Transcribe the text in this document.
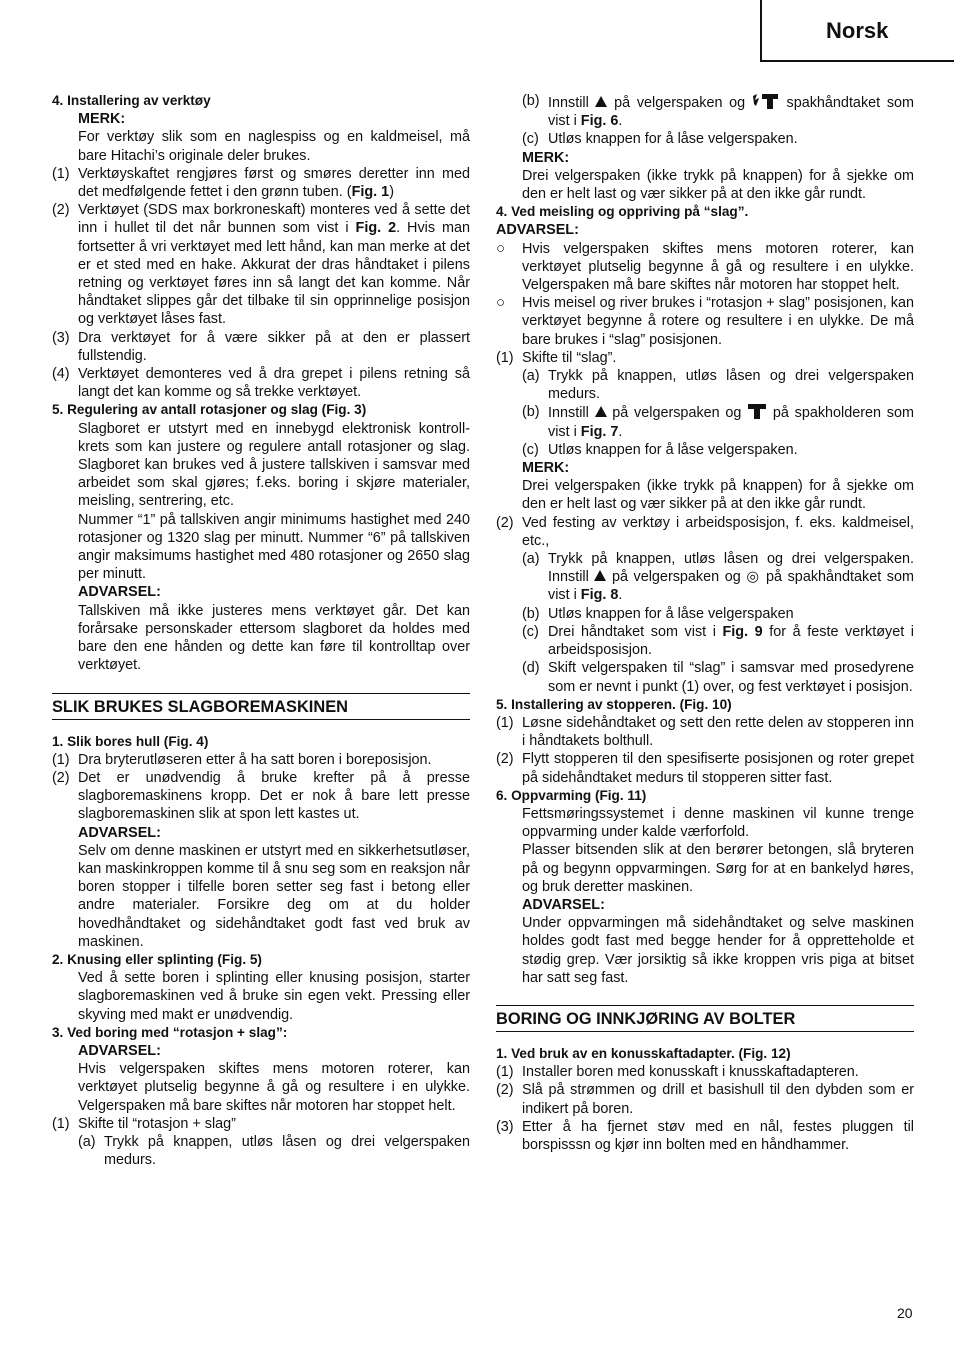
Norsk

4. Installering av verktøy

MERK:

For verktøy slik som en naglespiss og en kaldmeisel, må bare Hitachi’s originale deler brukes.

(1) Verktøyskaftet rengjøres først og smøres deretter inn med det medfølgende fettet i den grønn tuben. (Fig. 1)

(2) Verktøyet (SDS max borkroneskaft) monteres ved å sette det inn i hullet til det når bunnen som vist i Fig. 2. Hvis man fortsetter å vri verktøyet med lett hånd, kan man merke at det er et sted med en hake. Akkurat der dras håndtaket i pilens retning og verktøyet føres inn så langt det kan komme. Når håndtaket slippes går det tilbake til sin opprinnelige posisjon og verktøyet låses fast.

(3) Dra verktøyet for å være sikker på at den er plassert fullstendig.

(4) Verktøyet demonteres ved å dra grepet i pilens retning så langt det kan komme og så trekke verktøyet.

5. Regulering av antall rotasjoner og slag (Fig. 3)

Slagboret er utstyrt med en innebygd elektronisk kontroll-krets som kan justere og regulere antall rotasjoner og slag. Slagboret kan brukes ved å justere tallskiven i samsvar med arbeidet som skal gjøres; f.eks. boring i skjøre materialer, meisling, sentrering, etc.

Nummer “1” på tallskiven angir minimums hastighet med 240 rotasjoner og 1320 slag per minutt. Nummer “6” på tallskiven angir maksimums hastighet med 480 rotasjoner og 2650 slag per minutt.

ADVARSEL:

Tallskiven må ikke justeres mens verktøyet går. Det kan forårsake personskader ettersom slagboret da holdes med bare den ene hånden og dette kan føre til kontrolltap over verktøyet.

SLIK BRUKES SLAGBOREMASKINEN

1. Slik bores hull (Fig. 4)

(1) Dra bryterutløseren etter å ha satt boren i boreposisjon.

(2) Det er unødvendig å bruke krefter på å presse slagboremaskinens kropp. Det er nok å bare lett presse slagboremaskinen slik at spon lett kastes ut.

ADVARSEL:

Selv om denne maskinen er utstyrt med en sikkerhetsutløser, kan maskinkroppen komme til å snu seg som en reaksjon når boren stopper i tilfelle boren setter seg fast i betong eller andre materialer. Forsikre deg om at du holder hovedhåndtaket og sidehåndtaket godt fast ved bruk av maskinen.

2. Knusing eller splinting (Fig. 5)

Ved å sette boren i splinting eller knusing posisjon, starter slagboremaskinen ved å bruke sin egen vekt. Pressing eller skyving med makt er unødvendig.

3. Ved boring med “rotasjon + slag”:

ADVARSEL:

Hvis velgerspaken skiftes mens motoren roterer, kan verktøyet plutselig begynne å gå og resultere i en ulykke. Velgerspaken må bare skiftes når motoren har stoppet helt.

(1) Skifte til “rotasjon + slag”

(a) Trykk på knappen, utløs låsen og drei velgerspaken medurs.

(b) Innstill  på velgerspaken og  spakhåndtaket som vist i Fig. 6.

(c) Utløs knappen for å låse velgerspaken.

MERK:

Drei velgerspaken (ikke trykk på knappen) for å sjekke om den er helt last og vær sikker på at den ikke går rundt.

4. Ved meisling og oppriving på “slag”.

ADVARSEL:

○ Hvis velgerspaken skiftes mens motoren roterer, kan verktøyet plutselig begynne å gå og resultere i en ulykke. Velgerspaken må bare skiftes når motoren har stoppet helt.

○ Hvis meisel og river brukes i “rotasjon + slag” posisjonen, kan verktøyet begynne å rotere og resultere i en ulykke. De må bare brukes i “slag” posisjonen.

(1) Skifte til “slag”.

(a) Trykk på knappen, utløs låsen og drei velgerspaken medurs.

(b) Innstill  på velgerspaken og  på spakholderen som vist i Fig. 7.

(c) Utløs knappen for å låse velgerspaken.

MERK:

Drei velgerspaken (ikke trykk på knappen) for å sjekke om den er helt last og vær sikker på at den ikke går rundt.

(2) Ved festing av verktøy i arbeidsposisjon, f. eks. kaldmeisel, etc.,

(a) Trykk på knappen, utløs låsen og drei velgerspaken. Innstill  på velgerspaken og ◎ på spakhåndtaket som vist i Fig. 8.

(b) Utløs knappen for å låse velgerspaken

(c) Drei håndtaket som vist i Fig. 9 for å feste verktøyet i arbeidsposisjon.

(d) Skift velgerspaken til “slag” i samsvar med prosedyrene som er nevnt i punkt (1) over, og fest verktøyet i posisjon.

5. Installering av stopperen. (Fig. 10)

(1) Løsne sidehåndtaket og sett den rette delen av stopperen inn i håndtakets bolthull.

(2) Flytt stopperen til den spesifiserte posisjonen og roter grepet på sidehåndtaket medurs til stopperen sitter fast.

6. Oppvarming (Fig. 11)

Fettsmøringssystemet i denne maskinen vil kunne trenge oppvarming under kalde værforfold.

Plasser bitsenden slik at den berører betongen, slå bryteren på og begynn oppvarmingen. Sørg for at en bankelyd høres, og bruk deretter maskinen.

ADVARSEL:

Under oppvarmingen må sidehåndtaket og selve maskinen holdes godt fast med begge hender for å oppretteholde et stødig grep. Vær jorsiktig så ikke kroppen vris piga at bitset har satt seg fast.

BORING OG INNKJØRING AV BOLTER

1. Ved bruk av en konusskaftadapter. (Fig. 12)

(1) Installer boren med konusskaft i knusskaftadapteren.

(2) Slå på strømmen og drill et basishull til den dybden som er indikert på boren.

(3) Etter å ha fjernet støv med en nål, festes pluggen til borspisssn og kjør inn bolten med en håndhammer.

20
